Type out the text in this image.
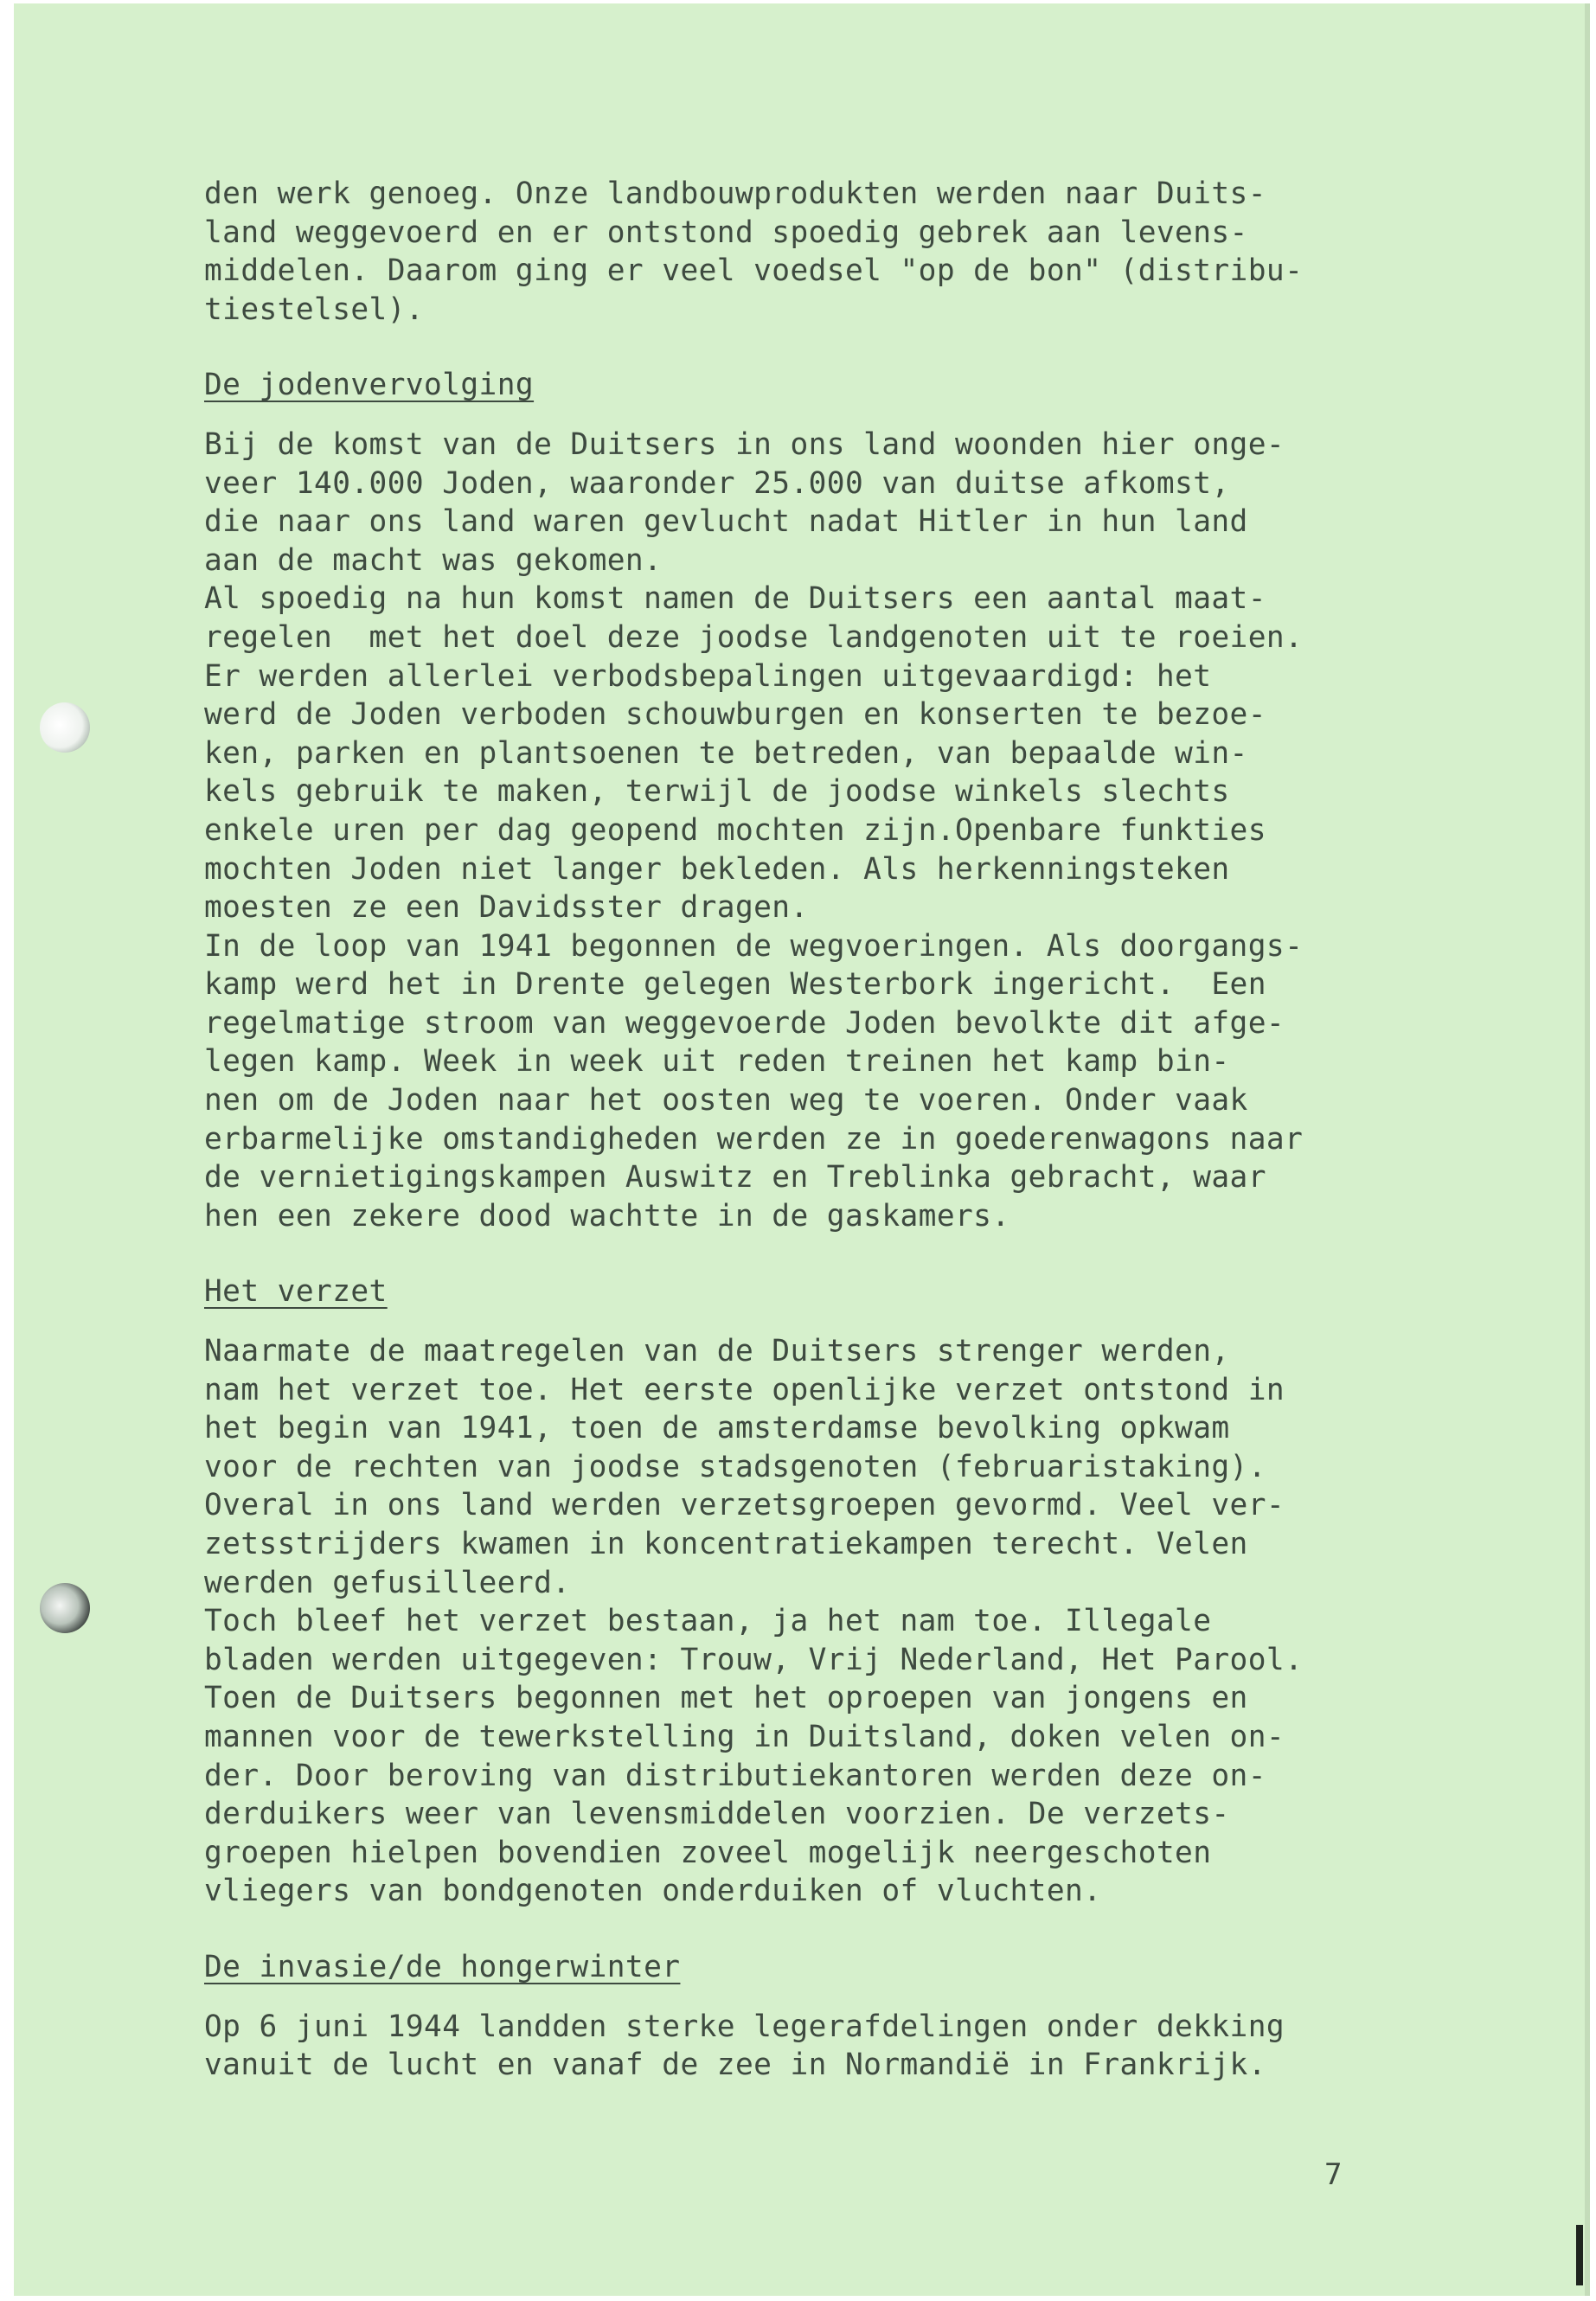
den werk genoeg. Onze landbouwprodukten werden naar Duits-

land weggevoerd en er ontstond spoedig gebrek aan levens-

middelen. Daarom ging er veel voedsel "op de bon" (distribu-

tiestelsel).

De jodenvervolging

Bij de komst van de Duitsers in ons land woonden hier onge-

veer 140.000 Joden, waaronder 25.000 van duitse afkomst,

die naar ons land waren gevlucht nadat Hitler in hun land

aan de macht was gekomen.

Al spoedig na hun komst namen de Duitsers een aantal maat-

regelen  met het doel deze joodse landgenoten uit te roeien.

Er werden allerlei verbodsbepalingen uitgevaardigd: het

werd de Joden verboden schouwburgen en konserten te bezoe-

ken, parken en plantsoenen te betreden, van bepaalde win-

kels gebruik te maken, terwijl de joodse winkels slechts

enkele uren per dag geopend mochten zijn.Openbare funkties

mochten Joden niet langer bekleden. Als herkenningsteken

moesten ze een Davidsster dragen.

In de loop van 1941 begonnen de wegvoeringen. Als doorgangs-

kamp werd het in Drente gelegen Westerbork ingericht.  Een

regelmatige stroom van weggevoerde Joden bevolkte dit afge-

legen kamp. Week in week uit reden treinen het kamp bin-

nen om de Joden naar het oosten weg te voeren. Onder vaak

erbarmelijke omstandigheden werden ze in goederenwagons naar

de vernietigingskampen Auswitz en Treblinka gebracht, waar

hen een zekere dood wachtte in de gaskamers.

Het verzet

Naarmate de maatregelen van de Duitsers strenger werden,

nam het verzet toe. Het eerste openlijke verzet ontstond in

het begin van 1941, toen de amsterdamse bevolking opkwam

voor de rechten van joodse stadsgenoten (februaristaking).

Overal in ons land werden verzetsgroepen gevormd. Veel ver-

zetsstrijders kwamen in koncentratiekampen terecht. Velen

werden gefusilleerd.

Toch bleef het verzet bestaan, ja het nam toe. Illegale

bladen werden uitgegeven: Trouw, Vrij Nederland, Het Parool.

Toen de Duitsers begonnen met het oproepen van jongens en

mannen voor de tewerkstelling in Duitsland, doken velen on-

der. Door beroving van distributiekantoren werden deze on-

derduikers weer van levensmiddelen voorzien. De verzets-

groepen hielpen bovendien zoveel mogelijk neergeschoten

vliegers van bondgenoten onderduiken of vluchten.

De invasie/de hongerwinter

Op 6 juni 1944 landden sterke legerafdelingen onder dekking

vanuit de lucht en vanaf de zee in Normandië in Frankrijk.

7
